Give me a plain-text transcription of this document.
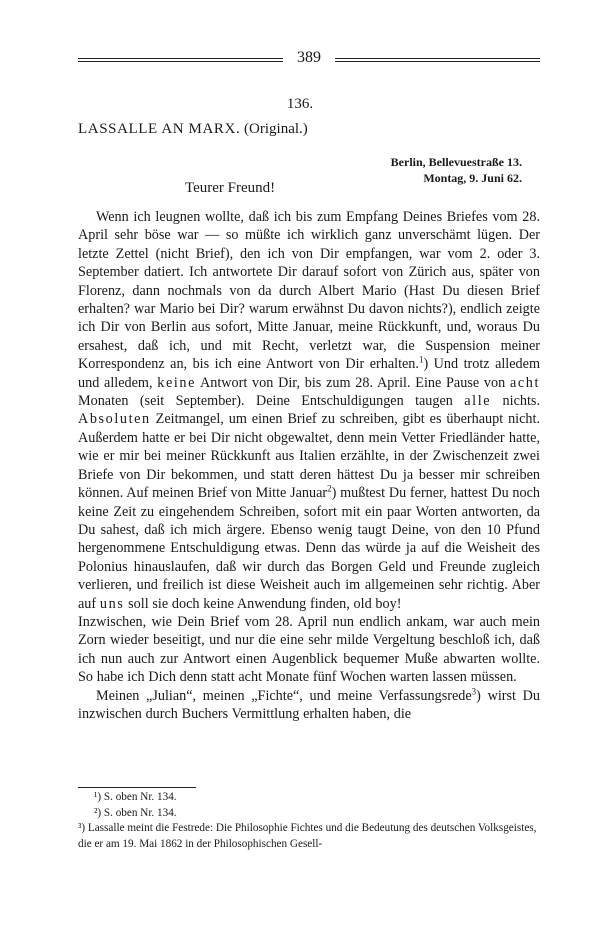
389
136.
LASSALLE AN MARX. (Original.)
Berlin, Bellevuestraße 13.
Montag, 9. Juni 62.
Teurer Freund!

Wenn ich leugnen wollte, daß ich bis zum Empfang Deines Briefes vom 28. April sehr böse war — so müßte ich wirklich ganz unverschämt lügen. Der letzte Zettel (nicht Brief), den ich von Dir empfangen, war vom 2. oder 3. September datiert. Ich antwortete Dir darauf sofort von Zürich aus, später von Florenz, dann nochmals von da durch Albert Mario (Hast Du diesen Brief erhalten? war Mario bei Dir? warum erwähnst Du davon nichts?), endlich zeigte ich Dir von Berlin aus sofort, Mitte Januar, meine Rückkunft, und, woraus Du ersahest, daß ich, und mit Recht, verletzt war, die Suspension meiner Korrespondenz an, bis ich eine Antwort von Dir erhalten.$^1$) Und trotz alledem und alledem, keine Antwort von Dir, bis zum 28. April. Eine Pause von acht Monaten (seit September). Deine Entschuldigungen taugen alle nichts. Absoluten Zeitmangel, um einen Brief zu schreiben, gibt es überhaupt nicht. Außerdem hatte er bei Dir nicht obgewaltet, denn mein Vetter Friedländer hatte, wie er mir bei meiner Rückkunft aus Italien erzählte, in der Zwischenzeit zwei Briefe von Dir bekommen, und statt deren hättest Du ja besser mir schreiben können. Auf meinen Brief von Mitte Januar$^2$) mußtest Du ferner, hattest Du noch keine Zeit zu eingehendem Schreiben, sofort mit ein paar Worten antworten, da Du sahest, daß ich mich ärgere. Ebenso wenig taugt Deine, von den 10 Pfund hergenommene Entschuldigung etwas. Denn das würde ja auf die Weisheit des Polonius hinauslaufen, daß wir durch das Borgen Geld und Freunde zugleich verlieren, und freilich ist diese Weisheit auch im allgemeinen sehr richtig. Aber auf uns soll sie doch keine Anwendung finden, old boy!

Inzwischen, wie Dein Brief vom 28. April nun endlich ankam, war auch mein Zorn wieder beseitigt, und nur die eine sehr milde Vergeltung beschloß ich, daß ich nun auch zur Antwort einen Augenblick bequemer Muße abwarten wollte. So habe ich Dich denn statt acht Monate fünf Wochen warten lassen müssen.

Meinen „Julian“, meinen „Fichte“, und meine Verfassungsrede$^3$) wirst Du inzwischen durch Buchers Vermittlung erhalten haben, die

¹) S. oben Nr. 134.

²) S. oben Nr. 134.

³) Lassalle meint die Festrede: Die Philosophie Fichtes und die Bedeutung des deutschen Volksgeistes, die er am 19. Mai 1862 in der Philosophischen Gesell-
